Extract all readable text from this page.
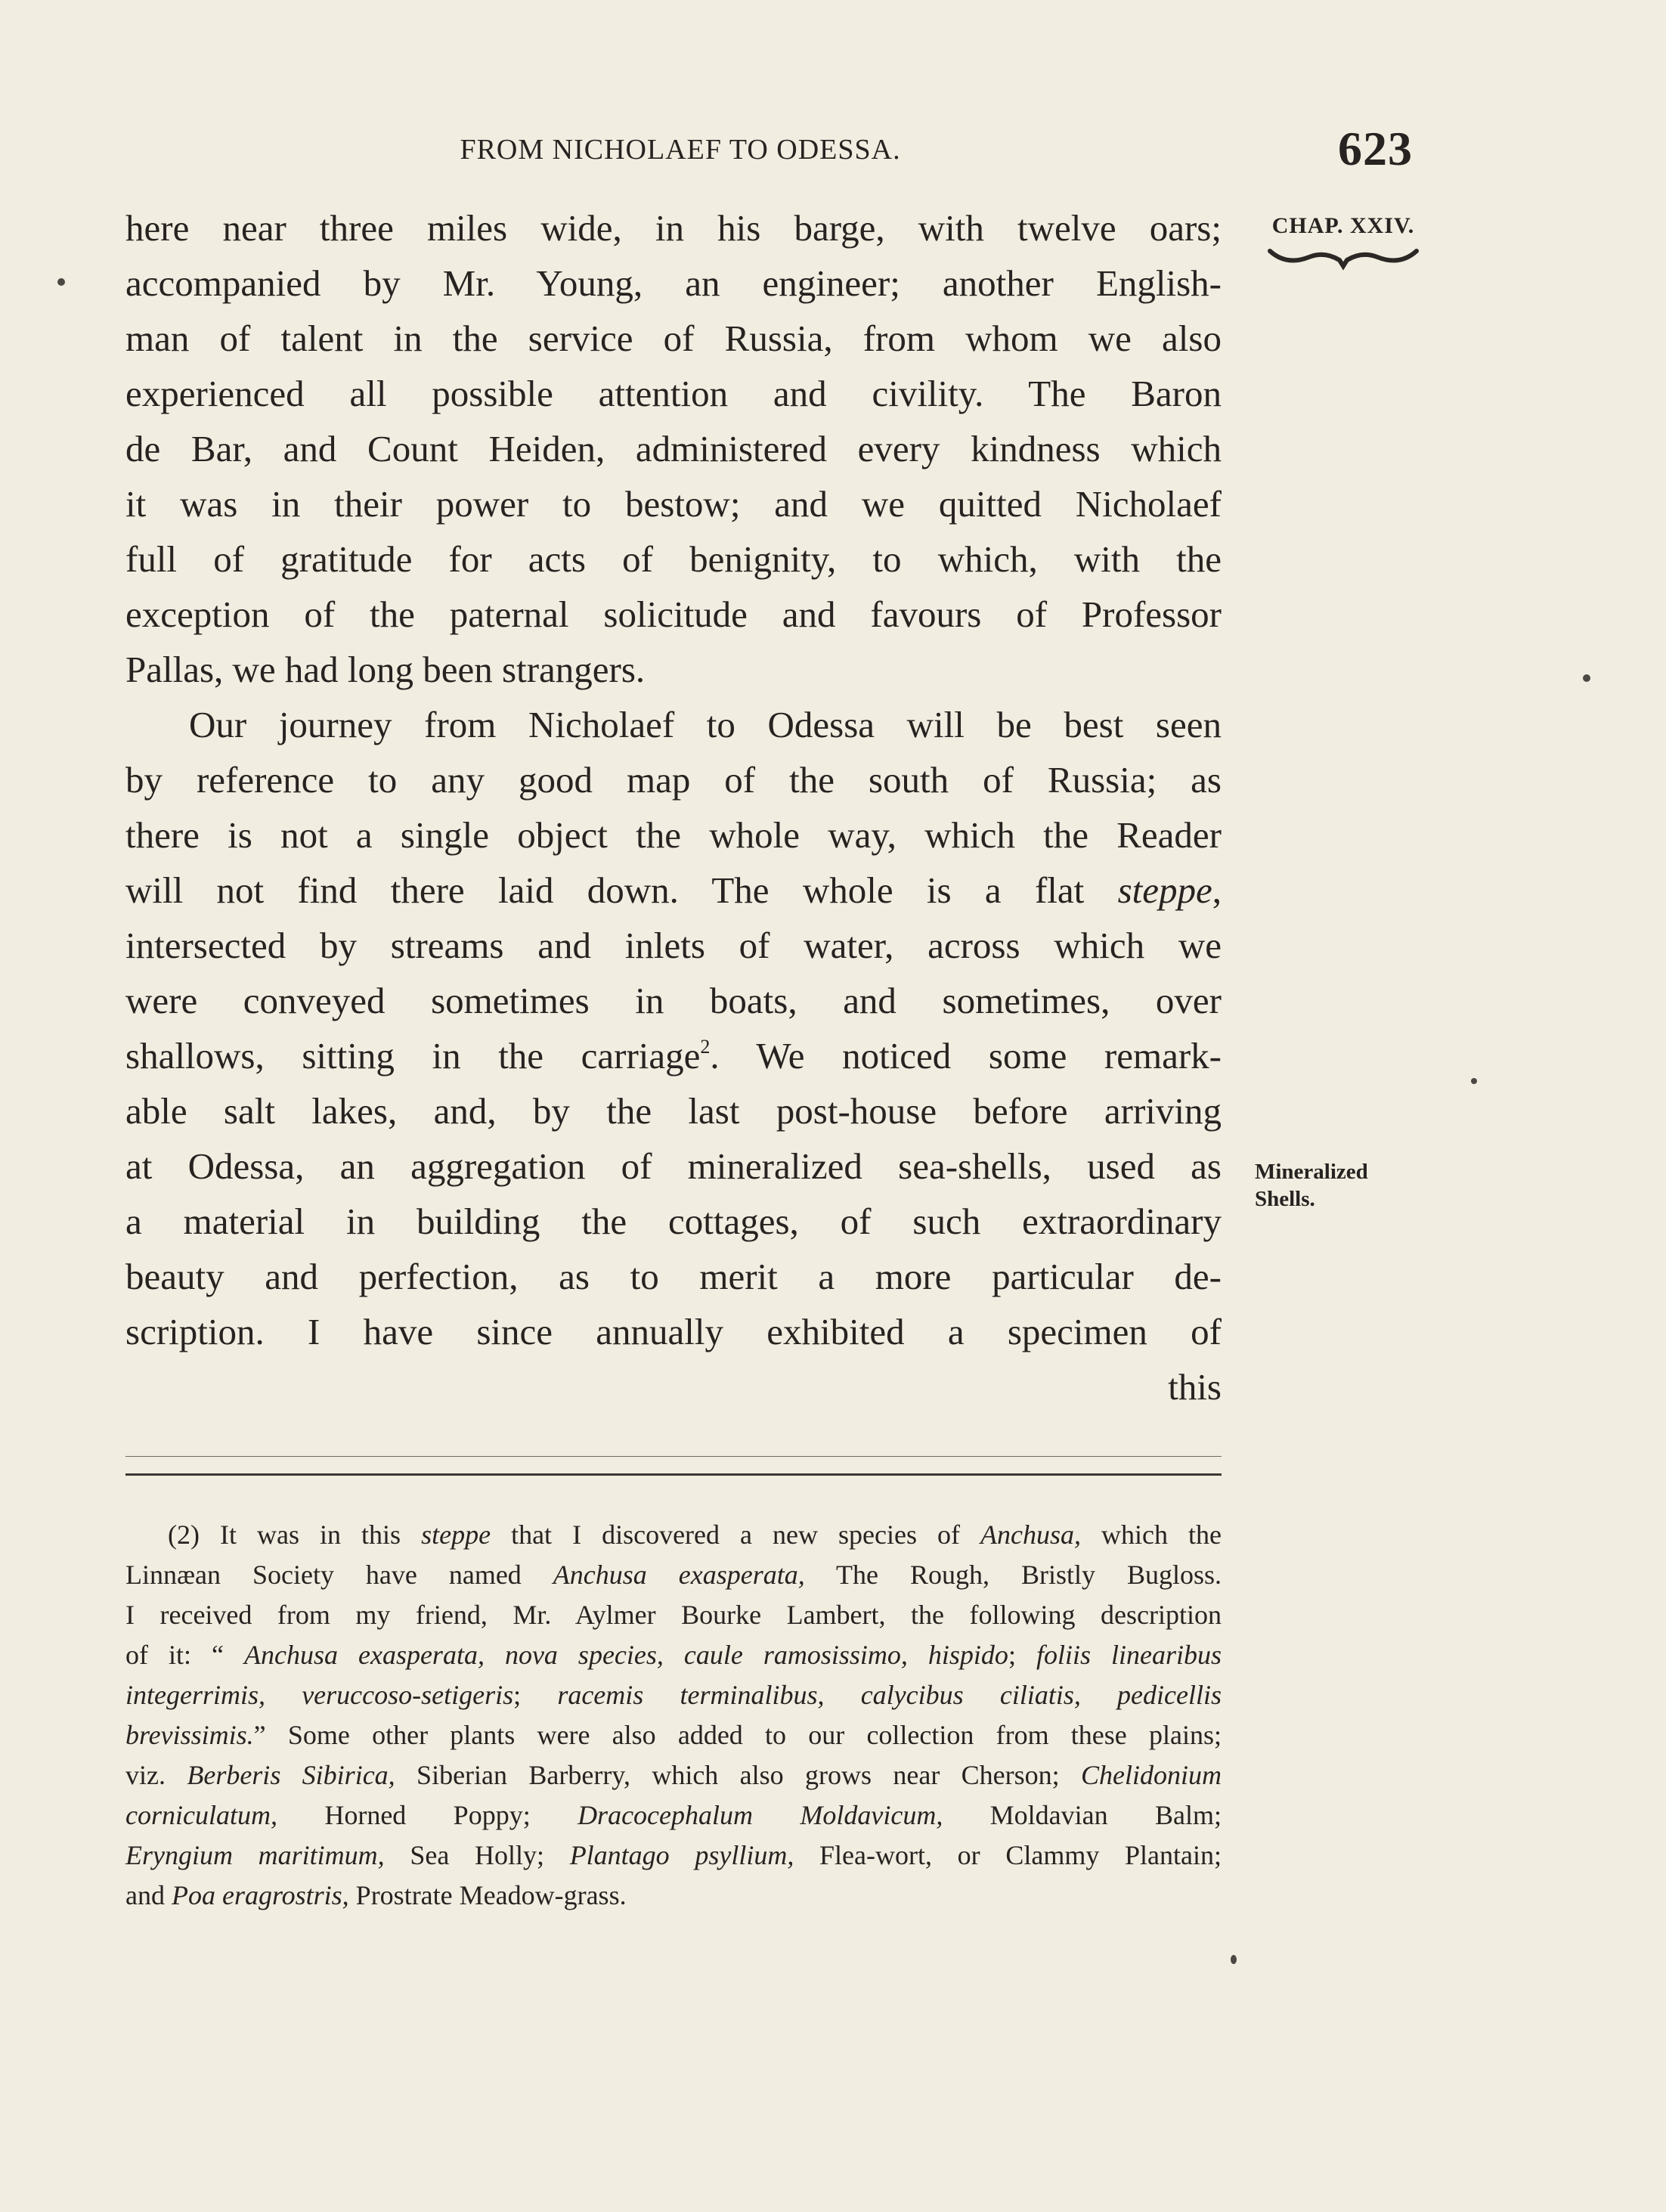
FROM NICHOLAEF TO ODESSA.	623
CHAP. XXIV.
here near three miles wide, in his barge, with twelve oars;
accompanied by Mr. Young, an engineer; another English-
man of talent in the service of Russia, from whom we also
experienced all possible attention and civility. The Baron
de Bar, and Count Heiden, administered every kindness which
it was in their power to bestow; and we quitted Nicholaef
full of gratitude for acts of benignity, to which, with the
exception of the paternal solicitude and favours of Professor
Pallas, we had long been strangers.
Our journey from Nicholaef to Odessa will be best seen
by reference to any good map of the south of Russia; as
there is not a single object the whole way, which the Reader
will not find there laid down. The whole is a flat steppe,
intersected by streams and inlets of water, across which we
were conveyed sometimes in boats, and sometimes, over
shallows, sitting in the carriage$^2$. We noticed some remark-
able salt lakes, and, by the last post-house before arriving
at Odessa, an aggregation of mineralized sea-shells, used as
a material in building the cottages, of such extraordinary
beauty and perfection, as to merit a more particular de-
scription. I have since annually exhibited a specimen of
this
Mineralized
Shells.
(2) It was in this steppe that I discovered a new species of Anchusa, which the
Linnæan Society have named Anchusa exasperata, The Rough, Bristly Bugloss.
I received from my friend, Mr. Aylmer Bourke Lambert, the following description
of it: “ Anchusa exasperata, nova species, caule ramosissimo, hispido; foliis linearibus
integerrimis, veruccoso-setigeris; racemis terminalibus, calycibus ciliatis, pedicellis
brevissimis.” Some other plants were also added to our collection from these plains;
viz. Berberis Sibirica, Siberian Barberry, which also grows near Cherson; Chelidonium
corniculatum, Horned Poppy; Dracocephalum Moldavicum, Moldavian Balm;
Eryngium maritimum, Sea Holly; Plantago psyllium, Flea-wort, or Clammy Plantain;
and Poa eragrostris, Prostrate Meadow-grass.
